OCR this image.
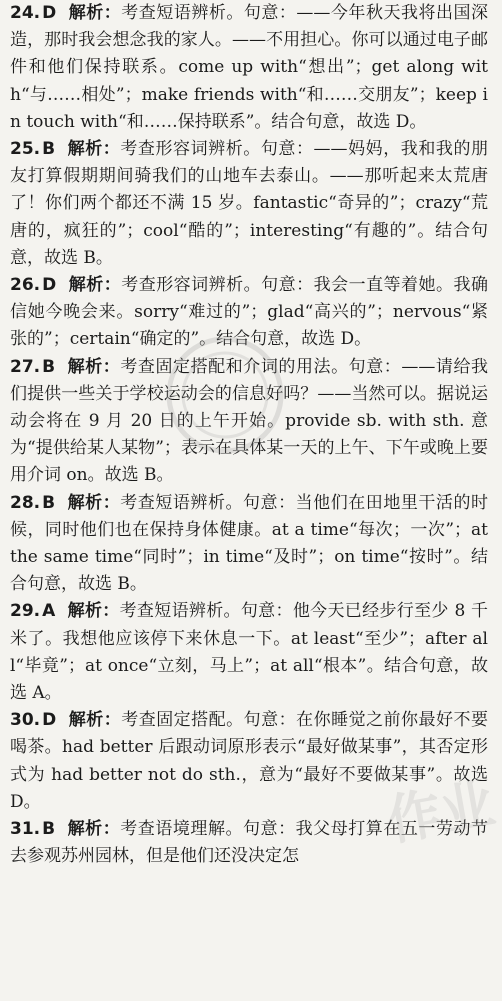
作业

24. D 解析：考查短语辨析。句意：——今年秋天我将出国深造，那时我会想念我的家人。——不用担心。你可以通过电子邮件和他们保持联系。come up with“想出”；get along with“与……相处”；make friends with“和……交朋友”；keep in touch with“和……保持联系”。结合句意，故选 D。

25. B 解析：考查形容词辨析。句意：——妈妈，我和我的朋友打算假期期间骑我们的山地车去泰山。——那听起来太荒唐了！你们两个都还不满 15 岁。fantastic“奇异的”；crazy“荒唐的，疯狂的”；cool“酷的”；interesting“有趣的”。结合句意，故选 B。

26. D 解析：考查形容词辨析。句意：我会一直等着她。我确信她今晚会来。sorry“难过的”；glad“高兴的”；nervous“紧张的”；certain“确定的”。结合句意，故选 D。

27. B 解析：考查固定搭配和介词的用法。句意：——请给我们提供一些关于学校运动会的信息好吗？——当然可以。据说运动会将在 9 月 20 日的上午开始。provide sb. with sth. 意为“提供给某人某物”；表示在具体某一天的上午、下午或晚上要用介词 on。故选 B。

28. B 解析：考查短语辨析。句意：当他们在田地里干活的时候，同时他们也在保持身体健康。at a time“每次；一次”；at the same time“同时”；in time“及时”；on time“按时”。结合句意，故选 B。

29. A 解析：考查短语辨析。句意：他今天已经步行至少 8 千米了。我想他应该停下来休息一下。at least“至少”；after all“毕竟”；at once“立刻，马上”；at all“根本”。结合句意，故选 A。

30. D 解析：考查固定搭配。句意：在你睡觉之前你最好不要喝茶。had better 后跟动词原形表示“最好做某事”，其否定形式为 had better not do sth.，意为“最好不要做某事”。故选 D。

31. B 解析：考查语境理解。句意：我父母打算在五一劳动节去参观苏州园林，但是他们还没决定怎
